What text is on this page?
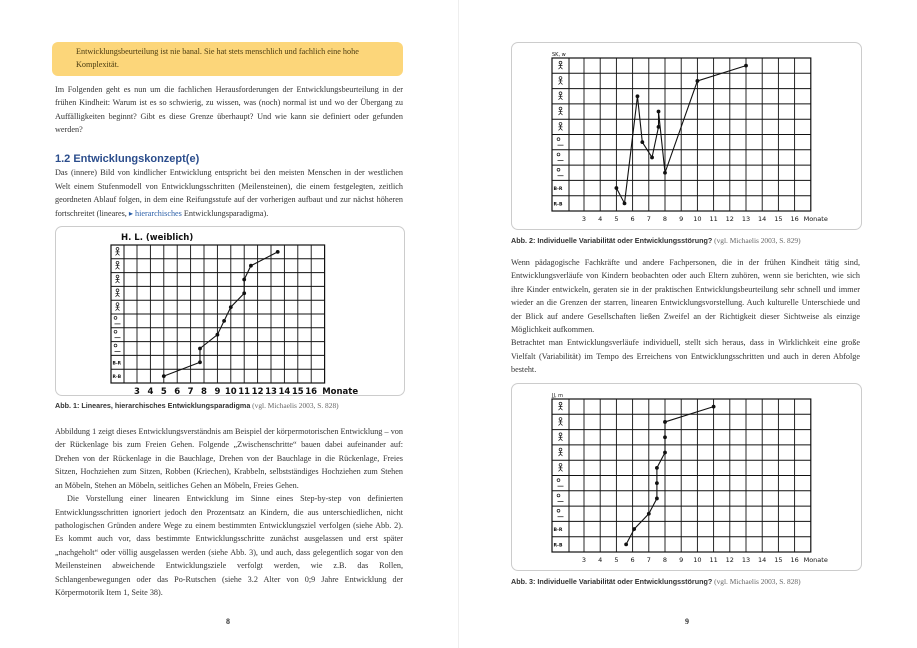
Entwicklungsbeurteilung ist nie banal. Sie hat stets menschlich und fachlich eine hohe Komplexität.

Im Folgenden geht es nun um die fachlichen Herausforderungen der Entwicklungsbeurteilung in der frühen Kindheit: Warum ist es so schwierig, zu wissen, was (noch) normal ist und wo der Übergang zu Auffälligkeiten beginnt? Gibt es diese Grenze überhaupt? Und wie kann sie definiert oder gefunden werden?
1.2 Entwicklungskonzept(e)
Das (innere) Bild von kindlicher Entwicklung entspricht bei den meisten Menschen in der westlichen Welt einem Stufenmodell von Entwicklungsschritten (Meilensteinen), die einem festgelegten, zeitlich geordneten Ablauf folgen, in dem eine Reifungsstufe auf der vorherigen aufbaut und zur nächst höheren fortschreitet (lineares, ▸ hierarchisches Entwicklungsparadigma).
H. L. (weiblich)
3 4 5 6 7 8 9 10 11 12 13 14 15 16 Monate
R-B
B-R
Abb. 1: Lineares, hierarchisches Entwicklungsparadigma (vgl. Michaelis 2003, S. 828)

Abbildung 1 zeigt dieses Entwicklungsverständnis am Beispiel der körpermotorischen Entwicklung – von der Rückenlage bis zum Freien Gehen. Folgende „Zwischenschritte“ bauen dabei aufeinander auf: Drehen von der Rückenlage in die Bauchlage, Drehen von der Bauchlage in die Rückenlage, Freies Sitzen, Hochziehen zum Sitzen, Robben (Kriechen), Krabbeln, selbstständiges Hochziehen zum Stehen an Möbeln, Stehen an Möbeln, seitliches Gehen an Möbeln, Freies Gehen.

Die Vorstellung einer linearen Entwicklung im Sinne eines Step-by-step von definierten Entwicklungsschritten ignoriert jedoch den Prozentsatz an Kindern, die aus unterschiedlichen, nicht pathologischen Gründen andere Wege zu einem bestimmten Entwicklungsziel verfolgen (siehe Abb. 2). Es kommt auch vor, dass bestimmte Entwicklungsschritte zunächst ausgelassen und erst später „nachgeholt“ oder völlig ausgelassen werden (siehe Abb. 3), und auch, dass gelegentlich sogar von den Meilensteinen abweichende Entwicklungsziele verfolgt werden, wie z.B. das Rollen, Schlangenbewegungen oder das Po-Rutschen (siehe 3.2 Alter von 0;9 Jahre Entwicklung der Körpermotorik Item 1, Seite 38).

8
SK, w
3 4 5 6 7 8 9 10 11 12 13 14 15 16 Monate
R-B
B-R
Abb. 2: Individuelle Variabilität oder Entwicklungsstörung? (vgl. Michaelis 2003, S. 829)

Wenn pädagogische Fachkräfte und andere Fachpersonen, die in der frühen Kindheit tätig sind, Entwicklungsverläufe von Kindern beobachten oder auch Eltern zuhören, wenn sie berichten, wie sich ihre Kinder entwickeln, geraten sie in der praktischen Entwicklungsbeurteilung sehr schnell und immer wieder an die Grenzen der starren, linearen Entwicklungsvorstellung. Auch kulturelle Unterschiede und der Blick auf andere Gesellschaften ließen Zweifel an der Richtigkeit dieser Sichtweise als einzige Möglichkeit aufkommen.

Betrachtet man Entwicklungsverläufe individuell, stellt sich heraus, dass in Wirklichkeit eine große Vielfalt (Variabilität) im Tempo des Erreichens von Entwicklungsschritten und auch in deren Abfolge besteht.

JJ, m
3 4 5 6 7 8 9 10 11 12 13 14 15 16 Monate
R-B
B-R
Abb. 3: Individuelle Variabilität oder Entwicklungsstörung? (vgl. Michaelis 2003, S. 828)
9
